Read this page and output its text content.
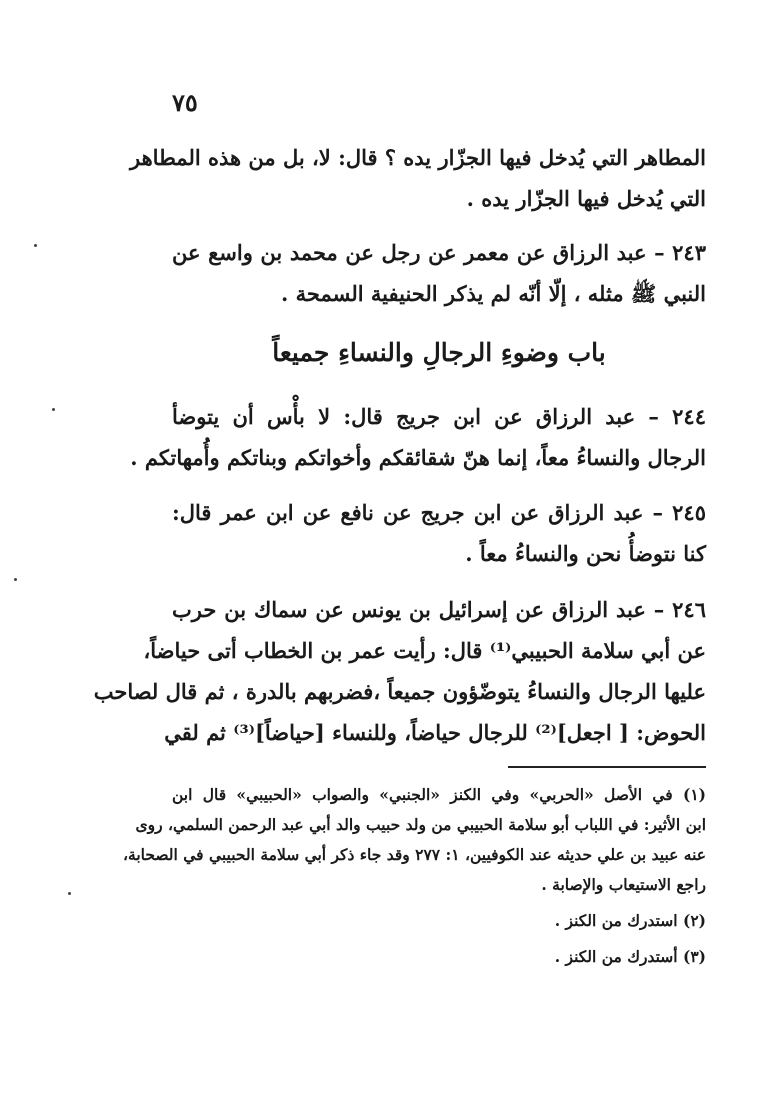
٧٥
المطاهر التي يُدخل فيها الجزّار يده ؟ قال: لا، بل من هذه المطاهر
التي يُدخل فيها الجزّار يده .
٢٤٣ – عبد الرزاق عن معمر عن رجل عن محمد بن واسع عن
النبي ﷺ مثله ، إلّا أنّه لم يذكر الحنيفية السمحة .
باب وضوءِ الرجالِ والنساءِ جميعاً
٢٤٤ – عبد الرزاق عن ابن جريج قال: لا بأْس أن يتوضأ
الرجال والنساءُ معاً، إنما هنّ شقائقكم وأخواتكم وبناتكم وأُمهاتكم .
٢٤٥ – عبد الرزاق عن ابن جريج عن نافع عن ابن عمر قال:
كنا نتوضأُ نحن والنساءُ معاً .
٢٤٦ – عبد الرزاق عن إسرائيل بن يونس عن سماك بن حرب
عن أبي سلامة الحبيبي⁽¹⁾ قال: رأيت عمر بن الخطاب أتى حياضاً،
عليها الرجال والنساءُ يتوضّؤون جميعاً ،فضربهم بالدرة ، ثم قال لصاحب
الحوض: [ اجعل]⁽²⁾ للرجال حياضاً، وللنساء [حياضاً]⁽³⁾ ثم لقي
(١) في الأصل «الحربي» وفي الكنز «الجنبي» والصواب «الحبيبي» قال ابن
ابن الأثير: في اللباب أبو سلامة الحبيبي من ولد حبيب والد أبي عبد الرحمن السلمي، روى
عنه عبيد بن علي حديثه عند الكوفيين، ١: ٢٧٧ وقد جاء ذكر أبي سلامة الحبيبي في الصحابة،
راجع الاستيعاب والإصابة .
(٢) استدرك من الكنز .
(٣) أستدرك من الكنز .
